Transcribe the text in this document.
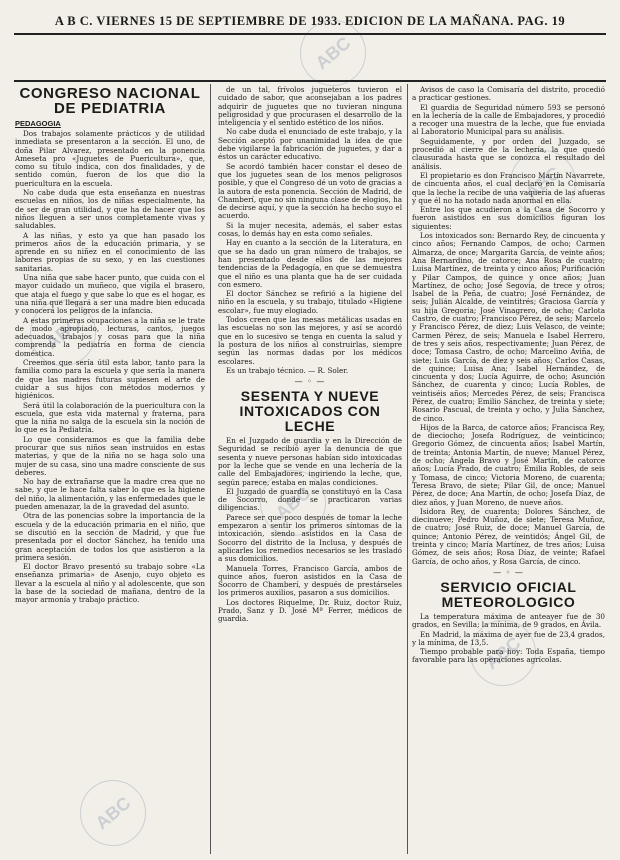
A B C. VIERNES 15 DE SEPTIEMBRE DE 1933. EDICION DE LA MAÑANA. PAG. 19
CONGRESO NACIONAL DE PEDIATRIA
PEDAGOGIA

Dos trabajos solamente prácticos y de utilidad inmediata se presentaron a la sección. El uno, de doña Pilar Alvarez, presentado en la ponencia Ameseta pro «Juguetes de Puericultura», que, como su título indica, con dos finalidades, y de sentido común, fueron de los que dio la puericultura en la escuela.

No cabe duda que esta enseñanza en nuestras escuelas en niños, los de niñas especialmente, ha de ser de gran utilidad, y que ha de hacer que los niños lleguen a ser unos completamente vivas y saludables.

A las niñas, y esto ya que han pasado los primeros años de la educación primaria, y se aprende en su niñez en el conocimiento de las labores propias de su sexo, y en las cuestiones sanitarias.

Una niña que sabe hacer punto, que cuida con el mayor cuidado un muñeco, que vigila el brasero, que ataja el fuego y que sabe lo que es el hogar, es una niña que llegará a ser una madre bien educada y conocerá los peligros de la infancia.

A estas primeras ocupaciones a la niña se le trate de modo apropiado, lecturas, cantos, juegos adecuados, trabajos y cosas para que la niña comprenda la pediatría en forma de ciencia doméstica.

Creemos que sería útil esta labor, tanto para la familia como para la escuela y que sería la manera de que las madres futuras supiesen el arte de cuidar a sus hijos con métodos modernos y higiénicos.

Será útil la colaboración de la puericultura con la escuela, que esta vida maternal y fraterna, para que la niña no salga de la escuela sin la noción de lo que es la Pediatría.

Lo que consideramos es que la familia debe procurar que sus niños sean instruidos en estas materias, y que de la niña no se haga solo una mujer de su casa, sino una madre consciente de sus deberes.

No hay de extrañarse que la madre crea que no sabe, y que le hace falta saber lo que es la higiene del niño, la alimentación, y las enfermedades que le pueden amenazar, la de la gravedad del asunto.

Otra de las ponencias sobre la importancia de la escuela y de la educación primaria en el niño, que se discutió en la sección de Madrid, y que fue presentada por el doctor Sánchez, ha tenido una gran aceptación de todos los que asistieron a la primera sesión.

El doctor Bravo presentó su trabajo sobre «La enseñanza primaria» de Asenjo, cuyo objeto es llevar a la escuela al niño y al adolescente, que son la base de la sociedad de mañana, dentro de la mayor armonía y trabajo práctico.

de un tal, frívolos jugueteros tuvieron el cuidado de sabor, que aconsejaban a los padres adquirir de juguetes que no tuvieran ninguna peligrosidad y que procurasen el desarrollo de la inteligencia y el sentido estético de los niños.

No cabe duda el enunciado de este trabajo, y la Sección aceptó por unanimidad la idea de que debe vigilarse la fabricación de juguetes, y dar a éstos un carácter educativo.

Se acordó también hacer constar el deseo de que los juguetes sean de los menos peligrosos posible, y que el Congreso dé un voto de gracias a la autora de esta ponencia. Sección de Madrid, de Chamberí, que no sin ninguna clase de elogios, ha de decirse aquí, y que la sección ha hecho suyo el acuerdo.

Si la mujer necesita, además, el saber estas cosas, lo demás hay en esta como señales.

Hay en cuanto a la sección de la Literatura, en que se ha dado un gran número de trabajos, se han presentado desde ellos de las mejores tendencias de la Pedagogía, en que se demuestra que el niño es una planta que ha de ser cuidada con esmero.

El doctor Sánchez se refirió a la higiene del niño en la escuela, y su trabajo, titulado «Higiene escolar», fue muy elogiado.

Todos creen que las mesas metálicas usadas en las escuelas no son las mejores, y así se acordó que en lo sucesivo se tenga en cuenta la salud y la postura de los niños al construirlas, siempre según las normas dadas por los médicos escolares.

Es un trabajo técnico. — R. Soler.

— ◦ —
SESENTA Y NUEVE INTOXICADOS CON LECHE

En el Juzgado de guardia y en la Dirección de Seguridad se recibió ayer la denuncia de que sesenta y nueve personas habían sido intoxicadas por la leche que se vende en una lechería de la calle del Embajadores, ingiriendo la leche, que, según parece, estaba en malas condiciones.

El Juzgado de guardia se constituyó en la Casa de Socorro, donde se practicaron varias diligencias.

Parece ser que poco después de tomar la leche empezaron a sentir los primeros síntomas de la intoxicación, siendo asistidos en la Casa de Socorro del distrito de la Inclusa, y después de aplicarles los remedios necesarios se les trasladó a sus domicilios.

Manuela Torres, Francisco García, ambos de quince años, fueron asistidos en la Casa de Socorro de Chamberí, y después de prestárseles los primeros auxilios, pasaron a sus domicilios.

Los doctores Riquelme, Dr. Ruiz, doctor Ruiz, Prado, Sanz y D. José Mª Ferrer, médicos de guardia.

Avisos de caso la Comisaría del distrito, procedió a practicar gestiones.

El guardia de Seguridad número 593 se personó en la lechería de la calle de Embajadores, y procedió a recoger una muestra de la leche, que fue enviada al Laboratorio Municipal para su análisis.

Seguidamente, y por orden del Juzgado, se procedió al cierre de la lechería, la que quedó clausurada hasta que se conozca el resultado del análisis.

El propietario es don Francisco Martín Navarrete, de cincuenta años, el cual declaró en la Comisaría que la leche la recibe de una vaquería de las afueras y que él no ha notado nada anormal en ella.

Entre los que acudieron a la Casa de Socorro y fueron asistidos en sus domicilios figuran los siguientes:

Los intoxicados son: Bernardo Rey, de cincuenta y cinco años; Fernando Campos, de ocho; Carmen Almarza, de once; Margarita García, de veinte años; Ana Bernardino, de catorce; Ana Rosa de cuatro; Luisa Martínez, de treinta y cinco años; Purificación y Pilar Campos, de quince y once años; Juan Martínez, de ocho; José Segovia, de trece y otros; Isabel de la Peña, de cuatro; José Fernández, de seis; Julián Alcalde, de veintitrés; Graciosa García y su hija Gregoria; José Vinagrero, de ocho; Carlota Castro, de cuatro; Francisco Pérez, de seis; Marcelo y Francisco Pérez, de diez; Luis Velasco, de veinte; Carmen Pérez, de seis; Manuela e Isabel Herrero, de tres y seis años, respectivamente; Juan Pérez, de doce; Tomasa Castro, de ocho; Marcelino Aviña, de siete; Luis García, de diez y seis años; Carlos Casas, de quince; Luisa Ana; Isabel Hernández, de cincuenta y dos; Lucía Aguirre, de ocho; Asunción Sánchez, de cuarenta y cinco; Lucía Robles, de veintiséis años; Mercedes Pérez, de seis; Francisca Pérez, de cuatro; Emilio Sánchez, de treinta y siete; Rosario Pascual, de treinta y ocho, y Julia Sánchez, de cinco.

Hijos de la Barca, de catorce años; Francisca Rey, de dieciocho; Josefa Rodríguez, de veinticinco; Gregorio Gómez, de cincuenta años; Isabel Martín, de treinta; Antonia Martín, de nueve; Manuel Pérez, de ocho; Ángela Bravo y José Martín, de catorce años; Lucía Prado, de cuatro; Emilia Robles, de seis y Tomasa, de cinco; Victoria Moreno, de cuarenta; Teresa Bravo, de siete; Pilar Gil, de once; Manuel Pérez, de doce; Ana Martín, de ocho; Josefa Díaz, de diez años, y Juan Moreno, de nueve años.

Isidora Rey, de cuarenta; Dolores Sánchez, de diecinueve; Pedro Muñoz, de siete; Teresa Muñoz, de cuatro; José Ruiz, de doce; Manuel García, de quince; Antonio Pérez, de veintidós; Ángel Gil, de treinta y cinco; María Martínez, de tres años; Luisa Gómez, de seis años; Rosa Díaz, de veinte; Rafael García, de ocho años, y Rosa García, de cinco.

— ◦ —
SERVICIO OFICIAL METEOROLOGICO

La temperatura máxima de anteayer fue de 30 grados, en Sevilla; la mínima, de 9 grados, en Ávila.

En Madrid, la máxima de ayer fue de 23,4 grados, y la mínima, de 13,5.

Tiempo probable para hoy: Toda España, tiempo favorable para las operaciones agrícolas.

ABC
ABC
ABC
ABC
ABC
ABC
